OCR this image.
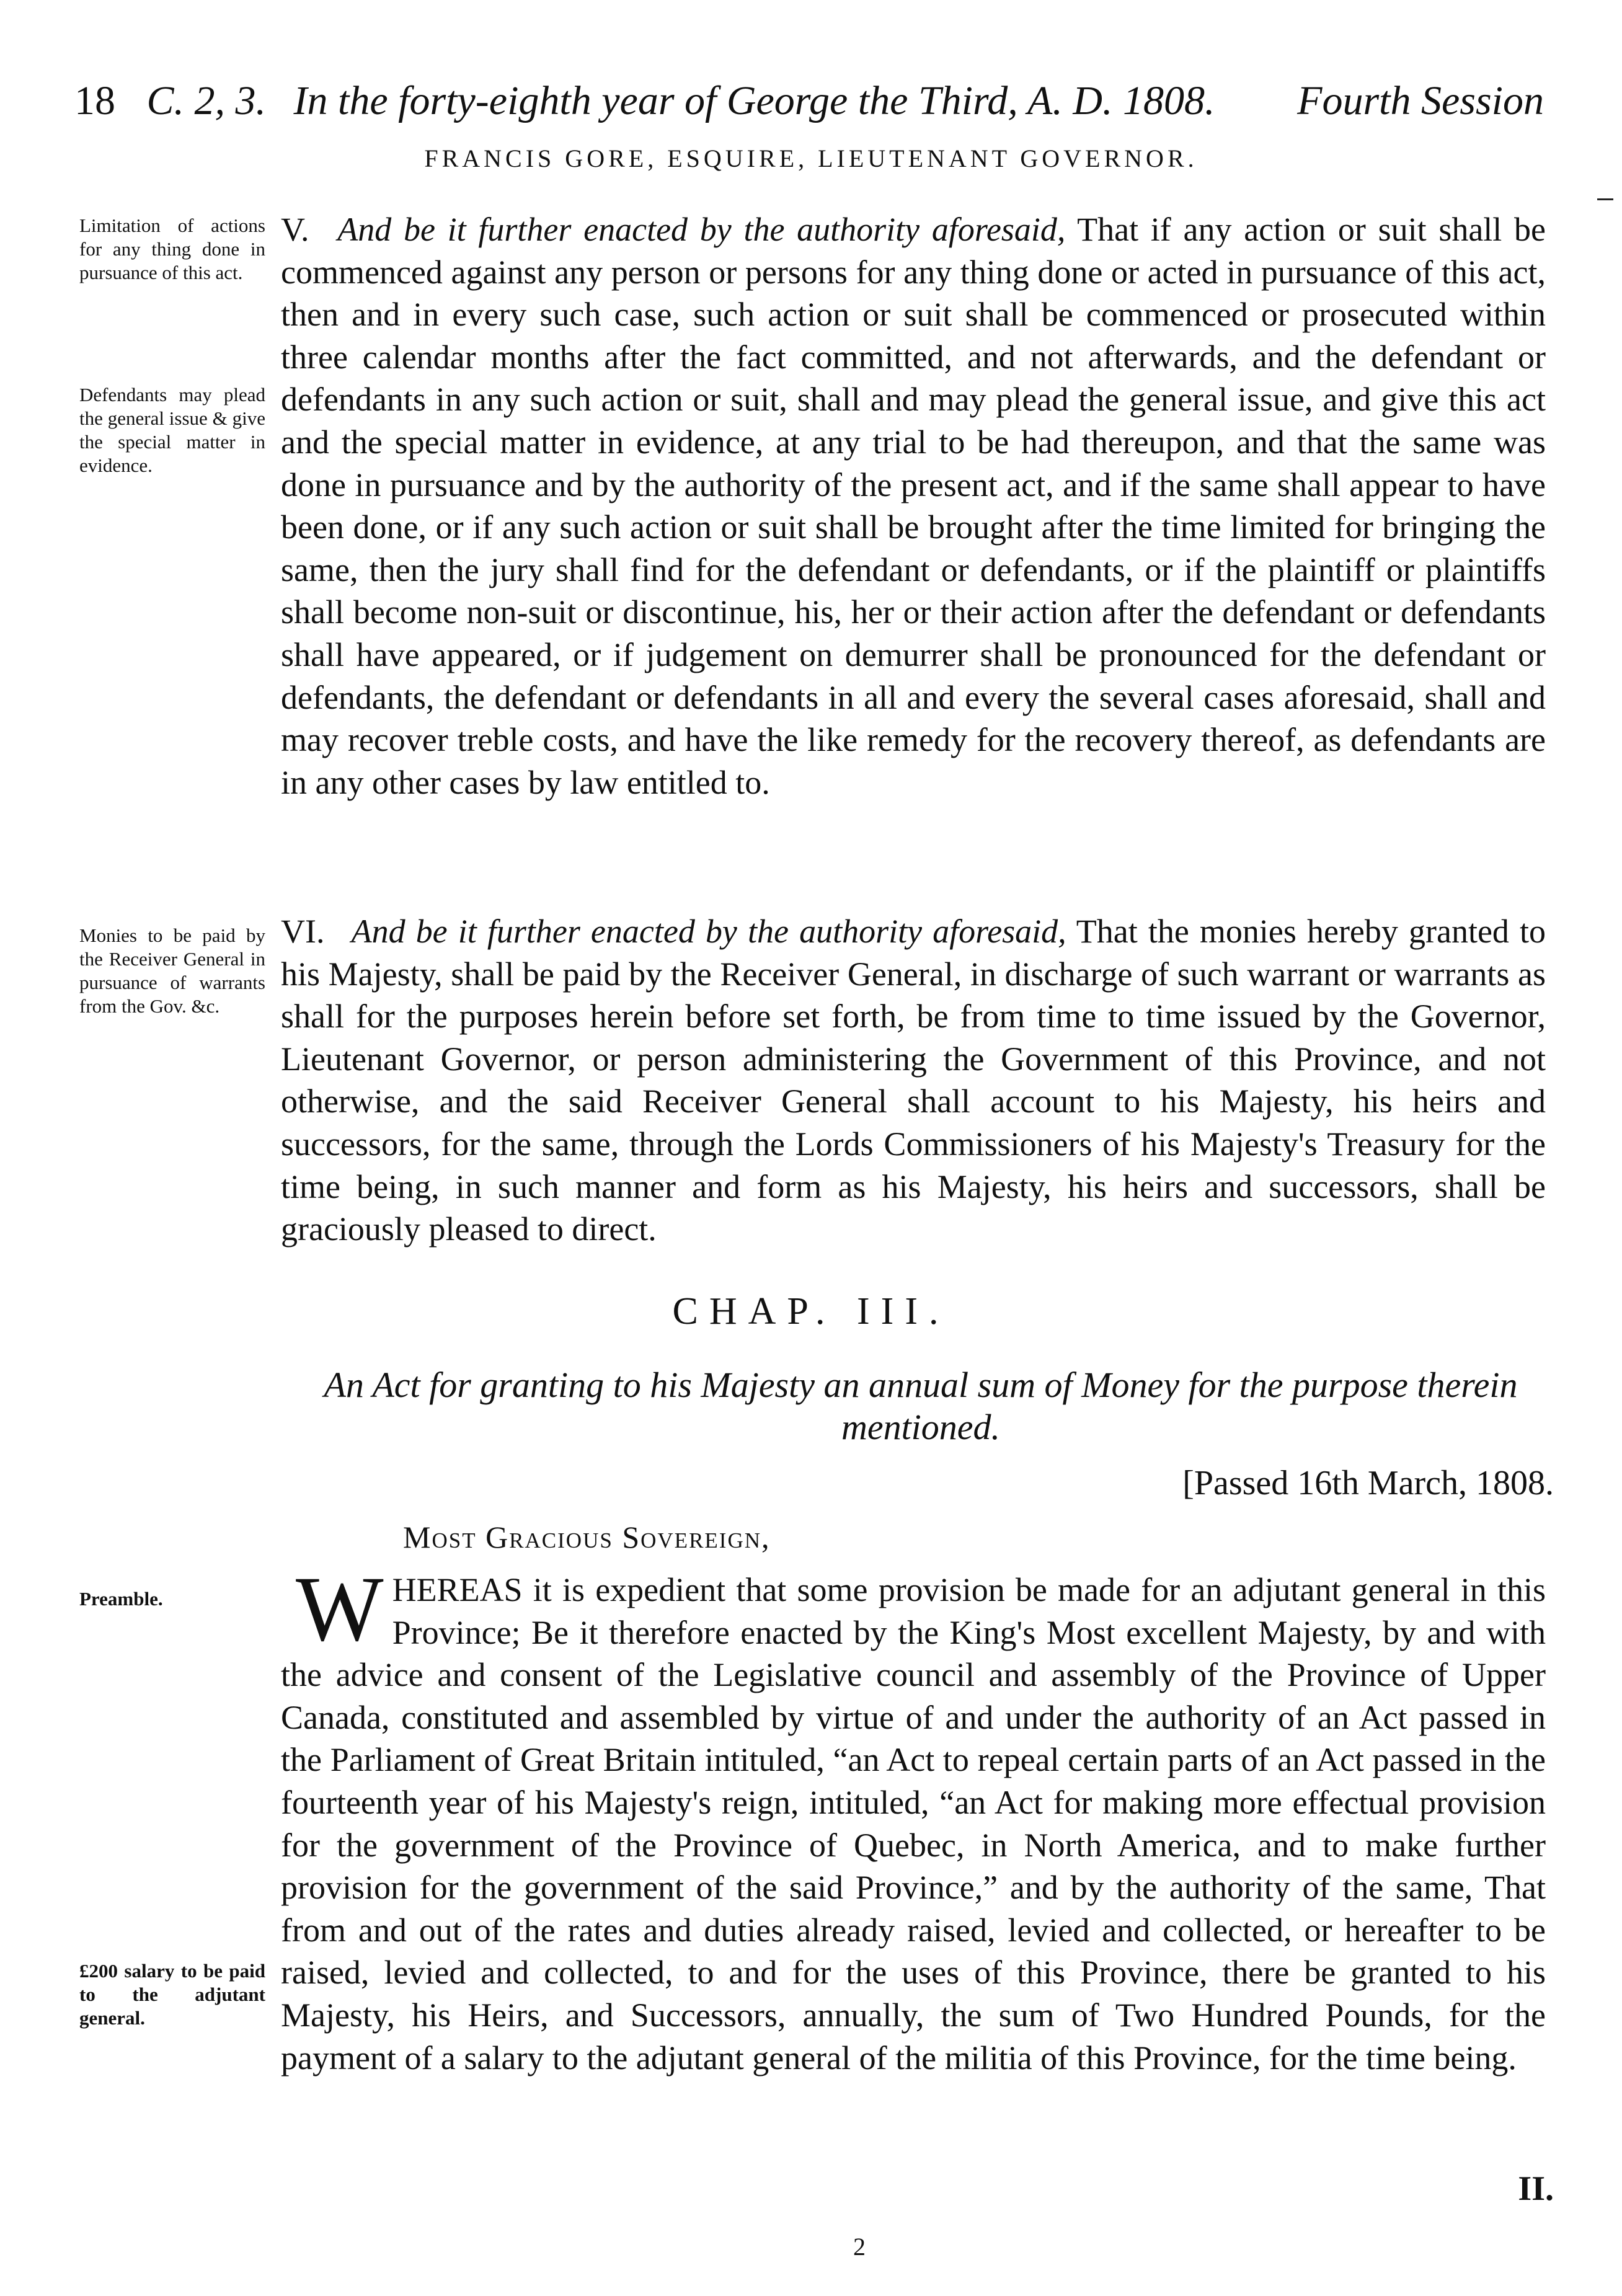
18 C. 2, 3. In the forty-eighth year of George the Third, A. D. 1808. Fourth Session
FRANCIS GORE, ESQUIRE, LIEUTENANT GOVERNOR.
Limitation of actions for any thing done in pursuance of this act.
Defendants may plead the general issue & give the special matter in evidence.
Monies to be paid by the Receiver General in pursuance of warrants from the Gov. &c.
Preamble.
£200 salary to be paid to the adjutant general.
V. And be it further enacted by the authority aforesaid, That if any action or suit shall be commenced against any person or persons for any thing done or acted in pursuance of this act, then and in every such case, such action or suit shall be commenced or prosecuted within three calendar months after the fact committed, and not afterwards, and the defendant or defendants in any such action or suit, shall and may plead the general issue, and give this act and the special matter in evidence, at any trial to be had thereupon, and that the same was done in pursuance and by the authority of the present act, and if the same shall appear to have been done, or if any such action or suit shall be brought after the time limited for bringing the same, then the jury shall find for the defendant or defendants, or if the plaintiff or plaintiffs shall become non-suit or discontinue, his, her or their action after the defendant or defendants shall have appeared, or if judgement on demurrer shall be pronounced for the defendant or defendants, the defendant or defendants in all and every the several cases aforesaid, shall and may recover treble costs, and have the like remedy for the recovery thereof, as defendants are in any other cases by law entitled to.
VI. And be it further enacted by the authority aforesaid, That the monies hereby granted to his Majesty, shall be paid by the Receiver General, in discharge of such warrant or warrants as shall for the purposes herein before set forth, be from time to time issued by the Governor, Lieutenant Governor, or person administering the Government of this Province, and not otherwise, and the said Receiver General shall account to his Majesty, his heirs and successors, for the same, through the Lords Commissioners of his Majesty's Treasury for the time being, in such manner and form as his Majesty, his heirs and successors, shall be graciously pleased to direct.
CHAP. III.
An Act for granting to his Majesty an annual sum of Money for the purpose therein mentioned.
[Passed 16th March, 1808.
Most Gracious Sovereign,
W HEREAS it is expedient that some provision be made for an adjutant general in this Province; Be it therefore enacted by the King's Most excellent Majesty, by and with the advice and consent of the Legislative council and assembly of the Province of Upper Canada, constituted and assembled by virtue of and under the authority of an Act passed in the Parliament of Great Britain intituled, “an Act to repeal certain parts of an Act passed in the fourteenth year of his Majesty's reign, intituled, “an Act for making more effectual provision for the government of the Province of Quebec, in North America, and to make further provision for the government of the said Province,” and by the authority of the same, That from and out of the rates and duties already raised, levied and collected, or hereafter to be raised, levied and collected, to and for the uses of this Province, there be granted to his Majesty, his Heirs, and Successors, annually, the sum of Two Hundred Pounds, for the payment of a salary to the adjutant general of the militia of this Province, for the time being.
II.
2
